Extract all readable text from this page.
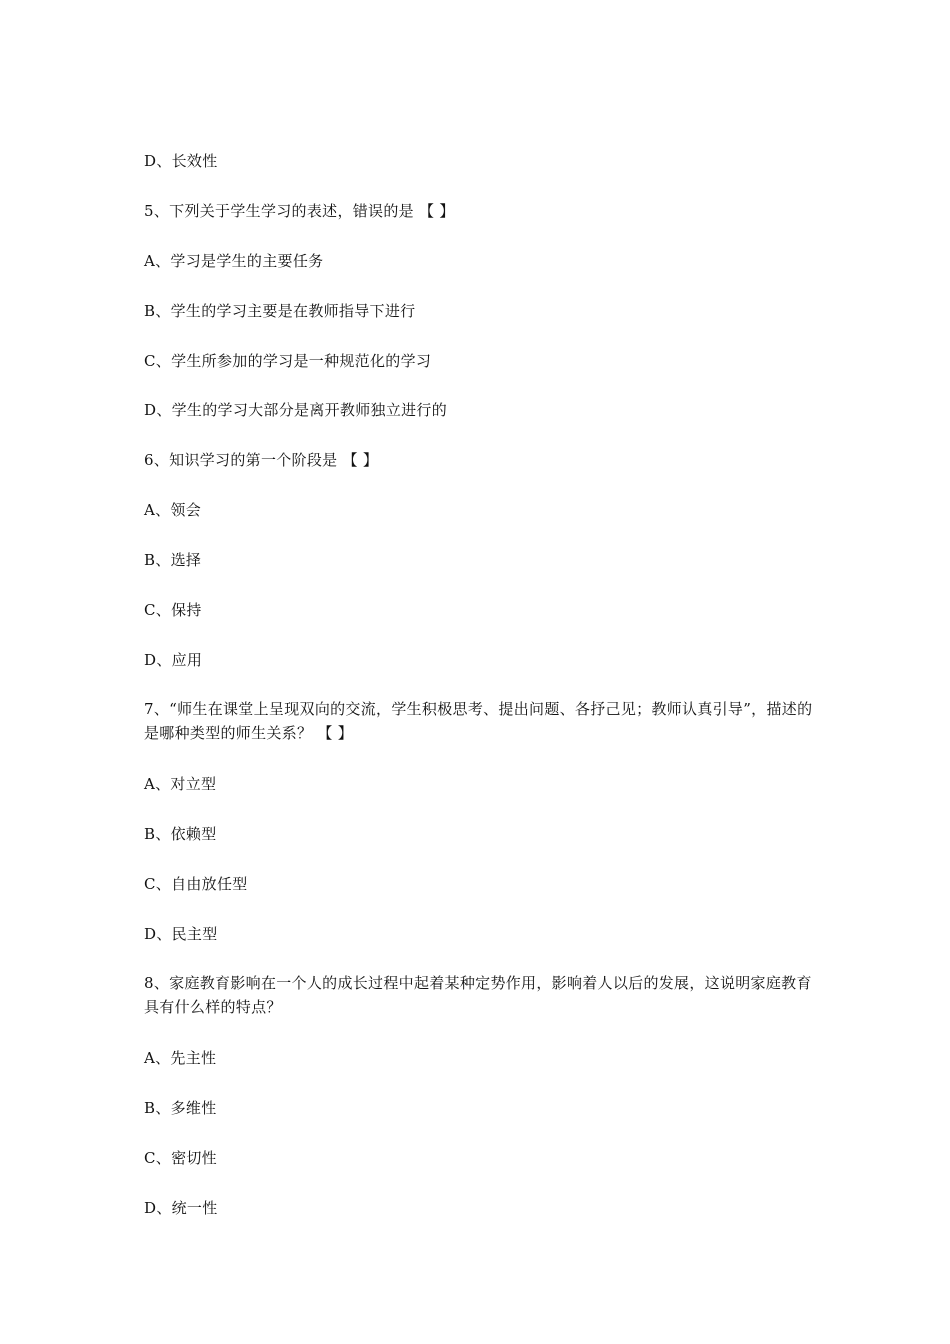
D、长效性
5、下列关于学生学习的表述，错误的是 【 】
A、学习是学生的主要任务
B、学生的学习主要是在教师指导下进行
C、学生所参加的学习是一种规范化的学习
D、学生的学习大部分是离开教师独立进行的
6、知识学习的第一个阶段是 【 】
A、领会
B、选择
C、保持
D、应用
7、“师生在课堂上呈现双向的交流，学生积极思考、提出问题、各抒己见；教师认真引导”，描述的是哪种类型的师生关系？ 【 】
A、对立型
B、依赖型
C、自由放任型
D、民主型
8、家庭教育影响在一个人的成长过程中起着某种定势作用，影响着人以后的发展，这说明家庭教育具有什么样的特点？
A、先主性
B、多维性
C、密切性
D、统一性
